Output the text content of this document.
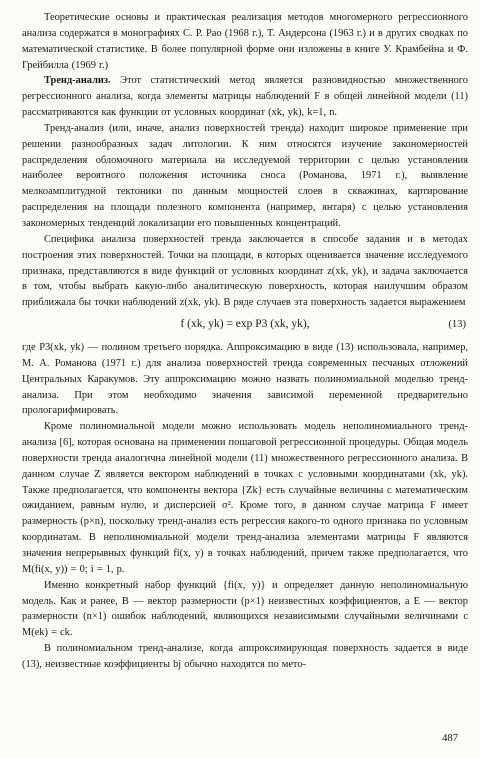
Теоретические основы и практическая реализация методов многомерного регрессионного анализа содержатся в монографиях С. Р. Рао (1968 г.), Т. Андерсона (1963 г.) и в других сводках по математической статистике. В более популярной форме они изложены в книге У. Крамбейна и Ф. Грейбилла (1969 г.)

Тренд-анализ. Этот статистический метод является разновидностью множественного регрессионного анализа, когда элементы матрицы наблюдений F в общей линейной модели (11) рассматриваются как функции от условных координат (xk, yk), k=1, n.

Тренд-анализ (или, иначе, анализ поверхностей тренда) находит широкое применение при решении разнообразных задач литологии. К ним относятся изучение закономерностей распределения обломочного материала на исследуемой территории с целью установления наиболее вероятного положения источника сноса (Романова, 1971 г.), выявление мелкоамплитудной тектоники по данным мощностей слоев в скважинах, картирование распределения на площади полезного компонента (например, янтаря) с целью установления закономерных тенденций локализации его повышенных концентраций.

Специфика анализа поверхностей тренда заключается в способе задания и в методах построения этих поверхностей. Точки на площади, в которых оценивается значение исследуемого признака, представляются в виде функций от условных координат z(xk, yk), и задача заключается в том, чтобы выбрать какую-либо аналитическую поверхность, которая наилучшим образом приближала бы точки наблюдений z(xk, yk). В ряде случаев эта поверхность задается выражением

f (xk, yk) = exp P3 (xk, yk),	(13)

где P3(xk, yk) — полином третьего порядка. Аппроксимацию в виде (13) использовала, например, М. А. Романова (1971 г.) для анализа поверхностей тренда современных песчаных отложений Центральных Каракумов. Эту аппроксимацию можно назвать полиномиальной моделью тренд-анализа. При этом необходимо значения зависимой переменной предварительно прологарифмировать.

Кроме полиномиальной модели можно использовать модель неполиномиального тренд-анализа [6], которая основана на применении пошаговой регрессионной процедуры. Общая модель поверхности тренда аналогична линейной модели (11) множественного регрессионного анализа. В данном случае Z является вектором наблюдений в точках с условными координатами (xk, yk). Также предполагается, что компоненты вектора {Zk} есть случайные величины с математическим ожиданием, равным нулю, и дисперсией σ². Кроме того, в данном случае матрица F имеет размерность (p×n), поскольку тренд-анализ есть регрессия какого-то одного признака по условным координатам. В неполиномиальной модели тренд-анализа элементами матрицы F являются значения непрерывных функций fi(x, y) в точках наблюдений, причем также предполагается, что M(fi(x, y)) = 0; i = 1, p.

Именно конкретный набор функций {fi(x, y)} и определяет данную неполиномиальную модель. Как и ранее, B — вектор размерности (p×1) неизвестных коэффициентов, а E — вектор размерности (n×1) ошибок наблюдений, являющихся независимыми случайными величинами с M(ek) = ck.

В полиномиальном тренд-анализе, когда аппроксимирующая поверхность задается в виде (13), неизвестные коэффициенты bj обычно находятся по мето-

487
